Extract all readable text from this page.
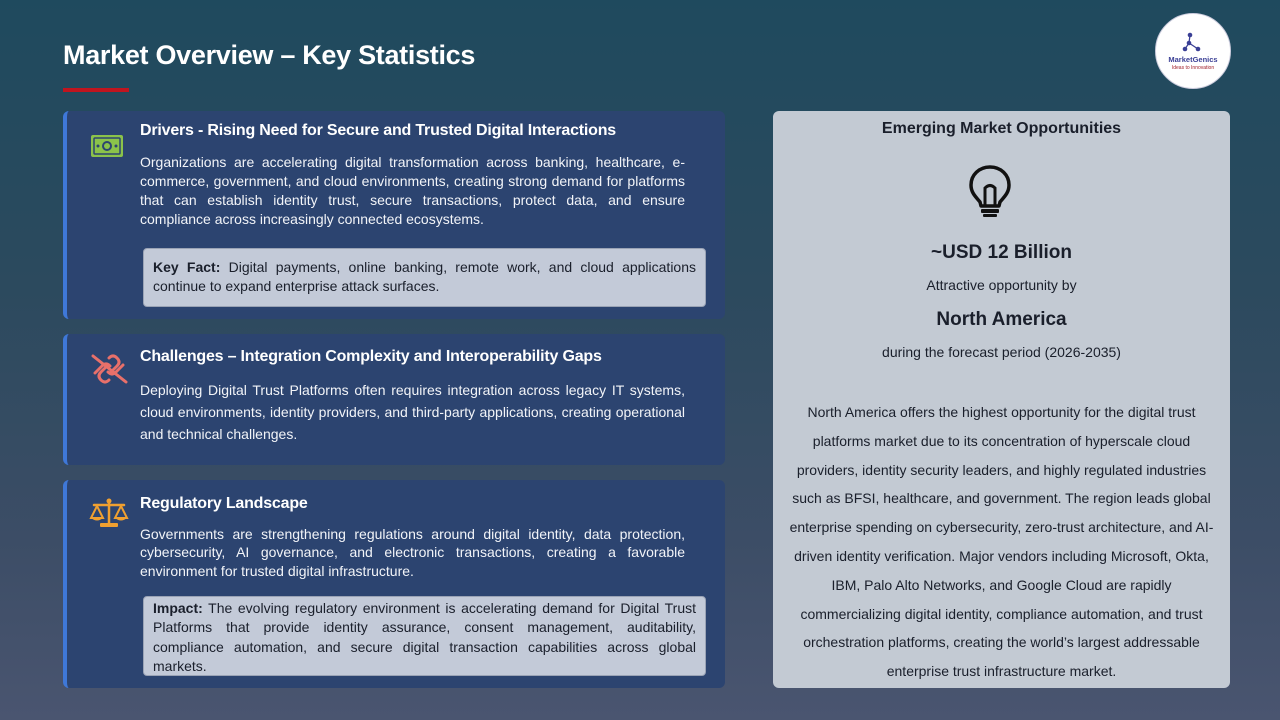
Market Overview – Key Statistics	MarketGenics
Ideas to Innovation
Drivers - Rising Need for Secure and Trusted Digital Interactions
Organizations are accelerating digital transformation across banking, healthcare, e-commerce, government, and cloud environments, creating strong demand for platforms that can establish identity trust, secure transactions, protect data, and ensure compliance across increasingly connected ecosystems.
Key Fact: Digital payments, online banking, remote work, and cloud applications continue to expand enterprise attack surfaces.
Challenges – Integration Complexity and Interoperability Gaps
Deploying Digital Trust Platforms often requires integration across legacy IT systems, cloud environments, identity providers, and third-party applications, creating operational and technical challenges.
Regulatory Landscape
Governments are strengthening regulations around digital identity, data protection, cybersecurity, AI governance, and electronic transactions, creating a favorable environment for trusted digital infrastructure.
Impact: The evolving regulatory environment is accelerating demand for Digital Trust Platforms that provide identity assurance, consent management, auditability, compliance automation, and secure digital transaction capabilities across global markets.
Emerging Market Opportunities
~USD 12 Billion
Attractive opportunity by
North America
during the forecast period (2026-2035)
North America offers the highest opportunity for the digital trust platforms market due to its concentration of hyperscale cloud providers, identity security leaders, and highly regulated industries such as BFSI, healthcare, and government. The region leads global enterprise spending on cybersecurity, zero-trust architecture, and AI-driven identity verification. Major vendors including Microsoft, Okta, IBM, Palo Alto Networks, and Google Cloud are rapidly commercializing digital identity, compliance automation, and trust orchestration platforms, creating the world’s largest addressable enterprise trust infrastructure market.
